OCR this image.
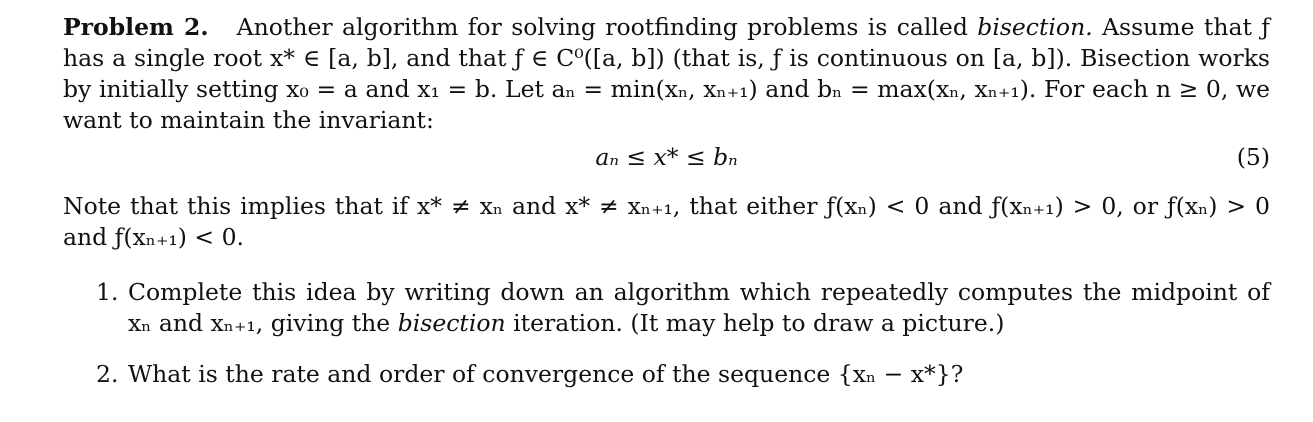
Problem 2. Another algorithm for solving rootfinding problems is called bisection. Assume that ƒ has a single root x* ∈ [a, b], and that ƒ ∈ C⁰([a, b]) (that is, ƒ is continuous on [a, b]). Bisection works by initially setting x₀ = a and x₁ = b. Let aₙ = min(xₙ, xₙ₊₁) and bₙ = max(xₙ, xₙ₊₁). For each n ≥ 0, we want to maintain the invariant:

aₙ ≤ x* ≤ bₙ	(5)

Note that this implies that if x* ≠ xₙ and x* ≠ xₙ₊₁, that either ƒ(xₙ) < 0 and ƒ(xₙ₊₁) > 0, or ƒ(xₙ) > 0 and ƒ(xₙ₊₁) < 0.

1. Complete this idea by writing down an algorithm which repeatedly computes the midpoint of xₙ and xₙ₊₁, giving the bisection iteration. (It may help to draw a picture.)
2. What is the rate and order of convergence of the sequence {xₙ − x*}?
